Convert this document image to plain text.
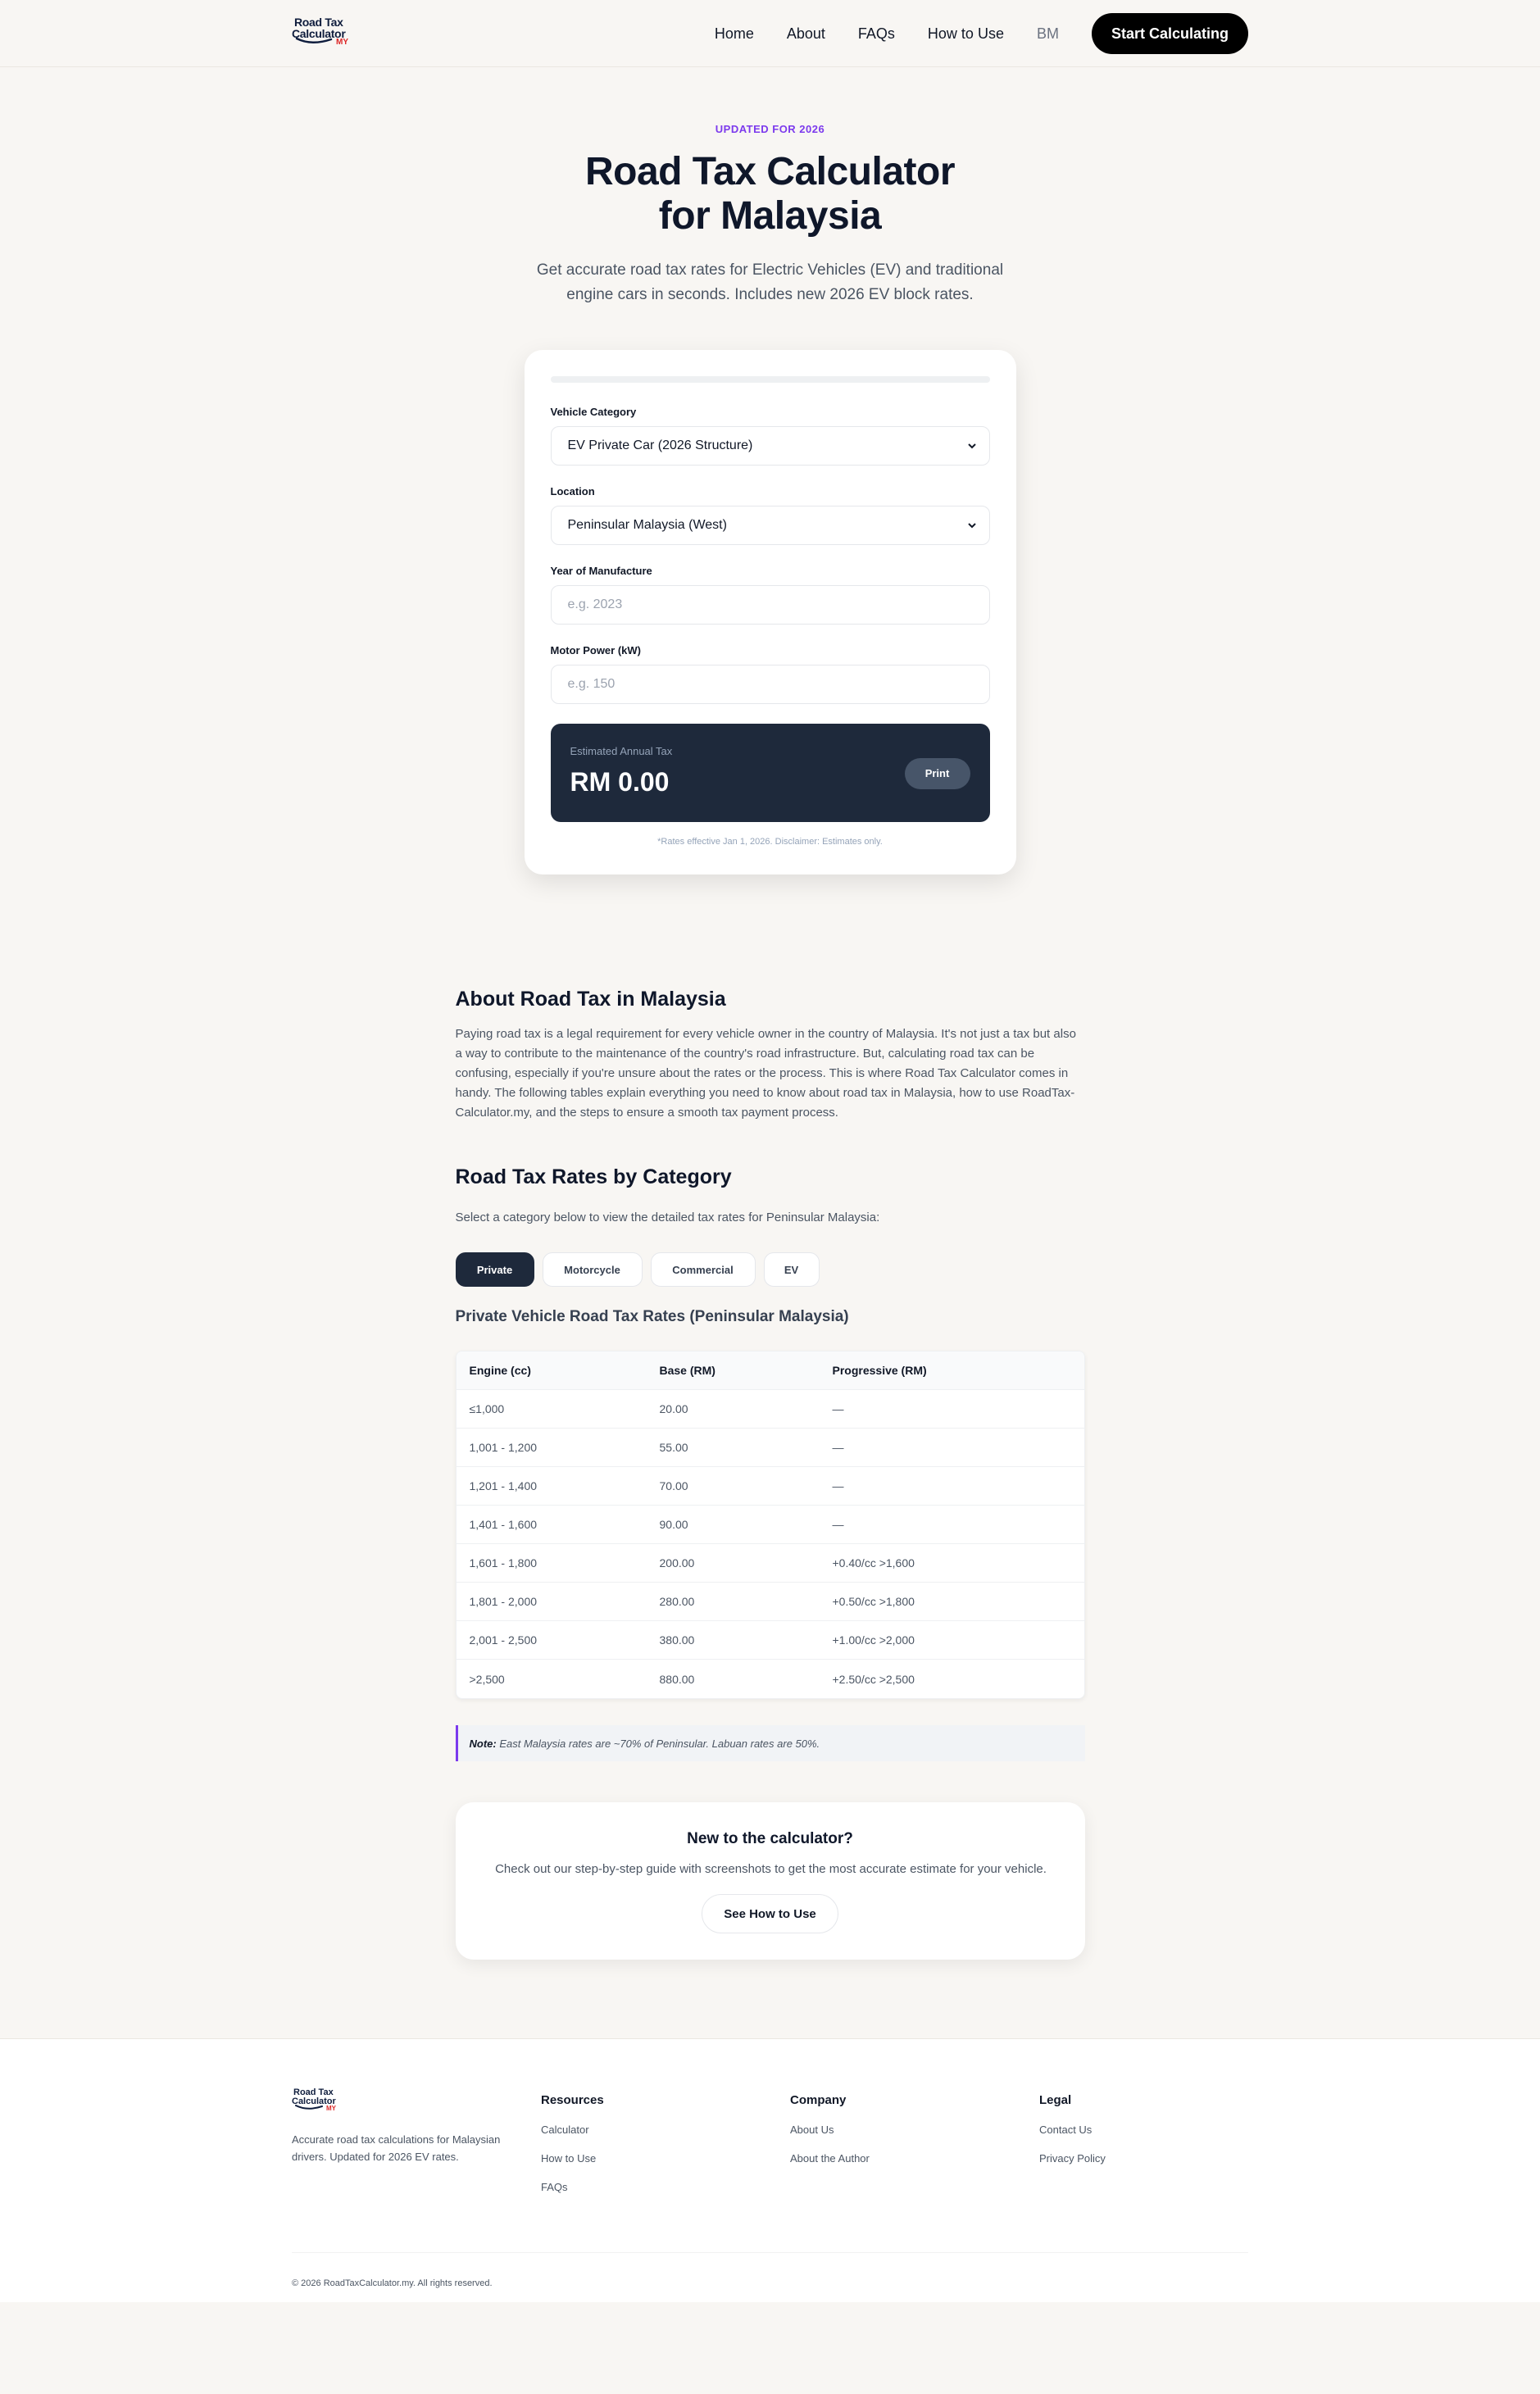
Road Tax
Calculator
MY
Home About FAQs How to Use BM	Start Calculating
UPDATED FOR 2026
Road Tax Calculator for Malaysia

Get accurate road tax rates for Electric Vehicles (EV) and traditional engine cars in seconds. Includes new 2026 EV block rates.

Vehicle Category
EV Private Car (2026 Structure)
Location
Peninsular Malaysia (West)
Year of Manufacture
e.g. 2023
Motor Power (kW)
e.g. 150
Estimated Annual Tax
RM 0.00	Print
*Rates effective Jan 1, 2026. Disclaimer: Estimates only.
About Road Tax in Malaysia

Paying road tax is a legal requirement for every vehicle owner in the country of Malaysia. It's not just a tax but also a way to contribute to the maintenance of the country's road infrastructure. But, calculating road tax can be confusing, especially if you're unsure about the rates or the process. This is where Road Tax Calculator comes in handy. The following tables explain everything you need to know about road tax in Malaysia, how to use RoadTax-Calculator.my, and the steps to ensure a smooth tax payment process.

Road Tax Rates by Category

Select a category below to view the detailed tax rates for Peninsular Malaysia:

Private	Motorcycle	Commercial	EV
Private Vehicle Road Tax Rates (Peninsular Malaysia)
Engine (cc)	Base (RM)	Progressive (RM)
≤1,000	20.00	—
1,001 - 1,200	55.00	—
1,201 - 1,400	70.00	—
1,401 - 1,600	90.00	—
1,601 - 1,800	200.00	+0.40/cc >1,600
1,801 - 2,000	280.00	+0.50/cc >1,800
2,001 - 2,500	380.00	+1.00/cc >2,000
>2,500	880.00	+2.50/cc >2,500
Note:
East Malaysia rates are ~70% of Peninsular. Labuan rates are 50%.
New to the calculator?

Check out our step-by-step guide with screenshots to get the most accurate estimate for your vehicle.

See How to Use
Road Tax
Calculator
MY
Accurate road tax calculations for Malaysian drivers. Updated for 2026 EV rates.
Resources
Calculator
How to Use
FAQs
Company
About Us
About the Author
Legal
Contact Us
Privacy Policy
© 2026 RoadTaxCalculator.my. All rights reserved.
